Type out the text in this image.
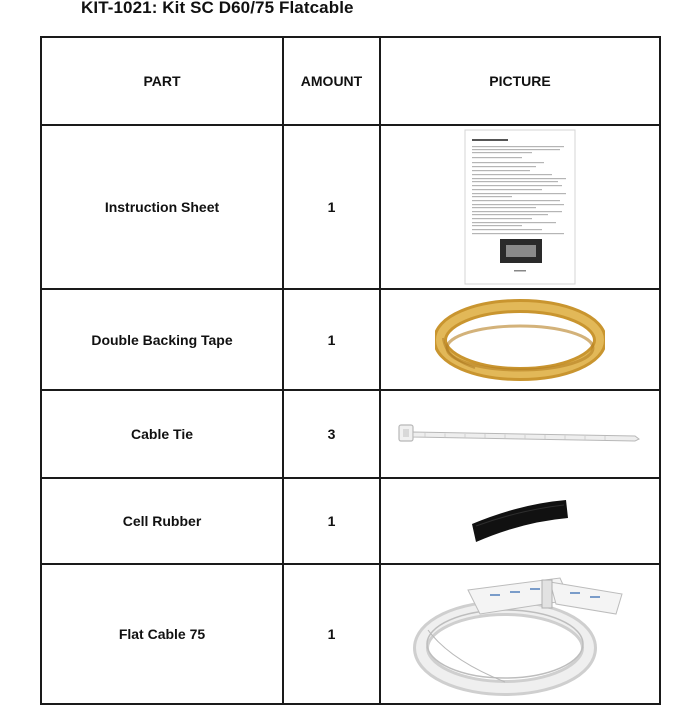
KIT-1021: Kit SC D60/75 Flatcable
PART	AMOUNT	PICTURE
Instruction Sheet	1	

Double Backing Tape	1	

Cable Tie	3	

Cell Rubber	1	

Flat Cable 75	1	
